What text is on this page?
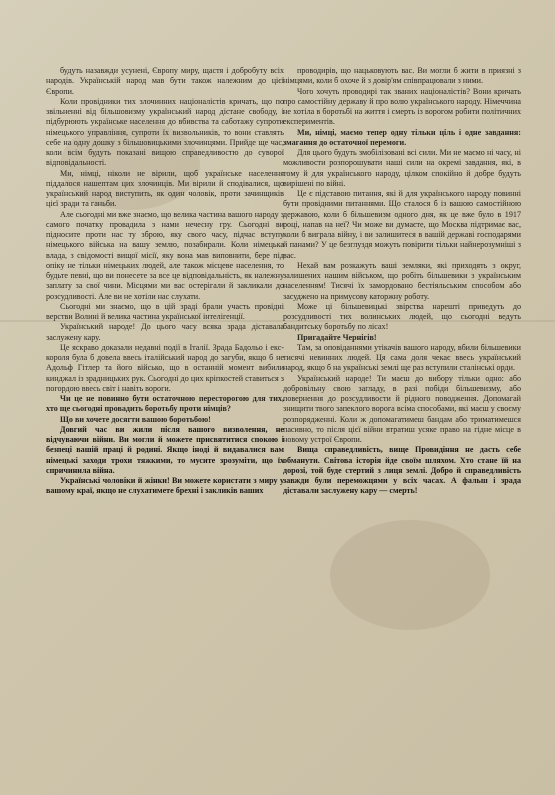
будуть назавжди усунені, Європу миру, щастя і добробуту всіх народів. Українській народ мав бути також належним до цієї Європи.

Коли провідники тих злочинних націоналістів кричать, що по звільненні від більшовизму український народ дістане свободу, і підбурюють українське населення до вбивства та саботажу супроти німецького управління, супроти їх визвольників, то вони ставлять себе на одну дошку з більшовицькими злочинцями. Прийде ще час, коли всім будуть показані вищою справедливостю до суворої відповідальності.

Ми, німці, ніколи не вірили, щоб українське населення піддалося нашептам цих злочинців. Ми вірили й сподівалися, що український народ виступить, як один чоловік, проти зачинщиків цієї зради та ганьби.

Але сьогодні ми вже знаємо, що велика частина вашого народу з самого початку провадила з нами нечесну гру. Сьогодні ви підносите проти нас ту зброю, яку свого часу, підчас вступу німецького війська на вашу землю, позабирали. Коли німецька влада, з свідомості вищої місії, яку вона мав виповнити, бере під опіку не тільки німецьких людей, але також місцеве населення, то будьте певні, що ви понесете за все це відповідальність, як належну заплату за свої чини. Місцями ми вас остерігали й закликали до розсудливості. Але ви не хотіли нас слухати.

Сьогодні ми знаємо, що в цій зраді брали участь провідні верстви Волині й велика частина української інтелігенції.

Український народе! До цього часу всяка зрада діставала заслужену кару.

Це яскраво доказали недавні події в Італії. Зрада Бадольо і екс-короля була б довела ввесь італійський народ до загуби, якщо б не Адольф Гітлер та його військо, що в останній момент вибили кинджал із зрадницьких рук. Сьогодні до цих кріпкостей ставиться з погордою ввесь світ і навіть вороги.

Чи це не повинно бути остаточною пересторогою для тих, хто ще сьогодні провадить боротьбу проти німців?

Що ви хочете досягти вашою боротьбою!

Довгий час ви жили після вашого визволення, не відчуваючи війни. Ви могли й можете присвятитися спокою і безпеці вашій праці й родині. Якщо іноді й видавалися вам німецькі заходи трохи тяжкими, то мусите зрозуміти, що їх спричинила війна.

Українські чоловіки й жінки! Ви можете користати з миру у вашому краї, якщо не слухатимете брехні і закликів ваших

проводирів, що нацьковують вас. Ви могли б жити в приязні з німцями, коли б охоче й з довір'ям співпрацювали з ними.

Чого хочуть проводирі так званих націоналістів? Вони кричать про самостійну державу й про волю українського народу. Німеччина не хотіла в боротьбі на життя і смерть із ворогом робити політичних експериментів.

Ми, німці, маємо тепер одну тільки ціль і одне завдання: змагання до остаточної перемоги.

Для цього будуть змобілізовані всі сили. Ми не маємо ні часу, ні можливости розпорошувати наші сили на окремі завдання, які, в тому й для українського народу, цілком спокійно й добре будуть вирішені по війні.

Це є підставою питання, які й для українського народу повинні бути провідними питаннями. Що сталося б із вашою самостійною державою, коли б більшевизм одного дня, як це вже було в 1917 році, напав на неї? Чи може ви думаєте, що Москва підтримає вас, коли б виграла війну, і ви залишитеся в вашій державі господарями й панами? У це безглуздя можуть повірити тільки найнерозумніші з вас.

Нехай вам розкажуть ваші земляки, які приходять з округ, залишених нашим військом, що робіть більшевики з українським населенням! Тисячі їх замордовано бестіяльським способом або засуджено на примусову каторжну роботу.

Може ці більшевицькі звірства нарешті приведуть до розсудливості тих волинських людей, що сьогодні ведуть бандитську боротьбу по лісах!

Пригадайте Чернігів!

Там, за оповіданнями утікачів вашого народу, вбили більшевики тисячі невинних людей. Ця сама доля чекає ввесь український народ, якщо б на українські землі ще раз вступили сталінські орди.

Український народе! Ти маєш до вибору тільки одно: або добровільну свою загладу, в разі побіди більшевизму, або повернення до розсудливости й рідного поводження. Допомагай знищити твого запеклого ворога всіма способами, які маєш у своєму розпорядженні. Коли ж допомагатимеш бандам або триматимешся пасивно, то після цієї війни втратиш усяке право на гідне місце в новому устрої Європи.

Вища справедливість, вище Провидіння не дасть себе обманути. Світова історія йде своїм шляхом. Хто стане їй на дорозі, той буде стертий з лиця землі. Добро й справедливість завжди були переможцями у всіх часах. А фальш і зрада діставали заслужену кару — смерть!
